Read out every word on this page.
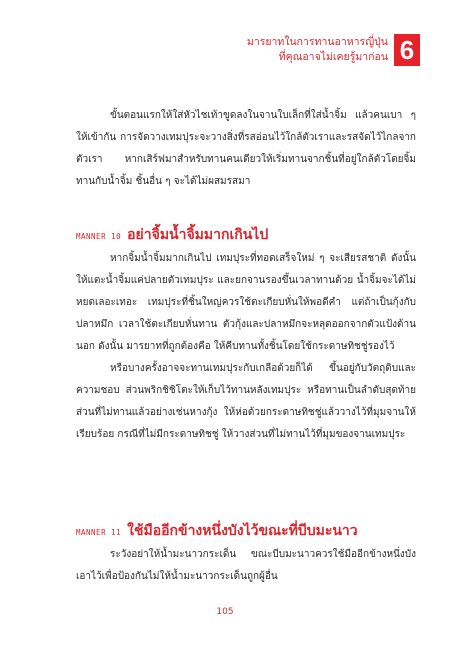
มารยาทในการทานอาหารญี่ปุ่น
ที่คุณอาจไม่เคยรู้มาก่อน 6

ขั้นตอนแรกให้ใส่หัวไชเท้าขูดลงในจานใบเล็กที่ใส่น้ำจิ้ม แล้วคนเบา ๆ ให้เข้ากัน การจัดวางเทมปุระจะวางสิ่งที่รสอ่อนไว้ใกล้ตัวเราและรสจัดไว้ไกลจากตัวเรา หากเสิร์ฟมาสำหรับทานคนเดียวให้เริ่มทานจากชิ้นที่อยู่ใกล้ตัวโดยจิ้มทานกับน้ำจิ้ม ชิ้นอื่น ๆ จะได้ไม่ผสมรสมา

MANNER 10 อย่าจิ้มน้ำจิ้มมากเกินไป

หากจิ้มน้ำจิ้มมากเกินไป เทมปุระที่ทอดเสร็จใหม่ ๆ จะเสียรสชาติ ดังนั้น ให้แตะน้ำจิ้มแค่ปลายตัวเทมปุระ และยกจานรองขึ้นเวลาทานด้วย น้ำจิ้มจะได้ไม่หยดเลอะเทอะ เทมปุระที่ชิ้นใหญ่ควรใช้ตะเกียบหั่นให้พอดีคำ แต่ถ้าเป็นกุ้งกับปลาหมึก เวลาใช้ตะเกียบหั่นทาน ตัวกุ้งและปลาหมึกจะหลุดออกจากตัวแป้งด้านนอก ดังนั้น มารยาทที่ถูกต้องคือ ให้คีบทานทั้งชิ้นโดยใช้กระดาษทิชชู่รองไว้

หรือบางครั้งอาจจะทานเทมปุระกับเกลือด้วยก็ได้ ขึ้นอยู่กับวัตถุดิบและความชอบ ส่วนพริกชิชิโตะให้เก็บไว้ทานหลังเทมปุระ หรือทานเป็นลำดับสุดท้าย ส่วนที่ไม่ทานแล้วอย่างเช่นหางกุ้ง ให้ห่อด้วยกระดาษทิชชู่แล้ววางไว้ที่มุมจานให้เรียบร้อย กรณีที่ไม่มีกระดาษทิชชู่ ให้วางส่วนที่ไม่ทานไว้ที่มุมของจานเทมปุระ

MANNER 11 ใช้มืออีกข้างหนึ่งบังไว้ขณะที่บีบมะนาว

ระวังอย่าให้น้ำมะนาวกระเด็น ขณะบีบมะนาวควรใช้มืออีกข้างหนึ่งบังเอาไว้เพื่อป้องกันไม่ให้น้ำมะนาวกระเด็นถูกผู้อื่น

105
